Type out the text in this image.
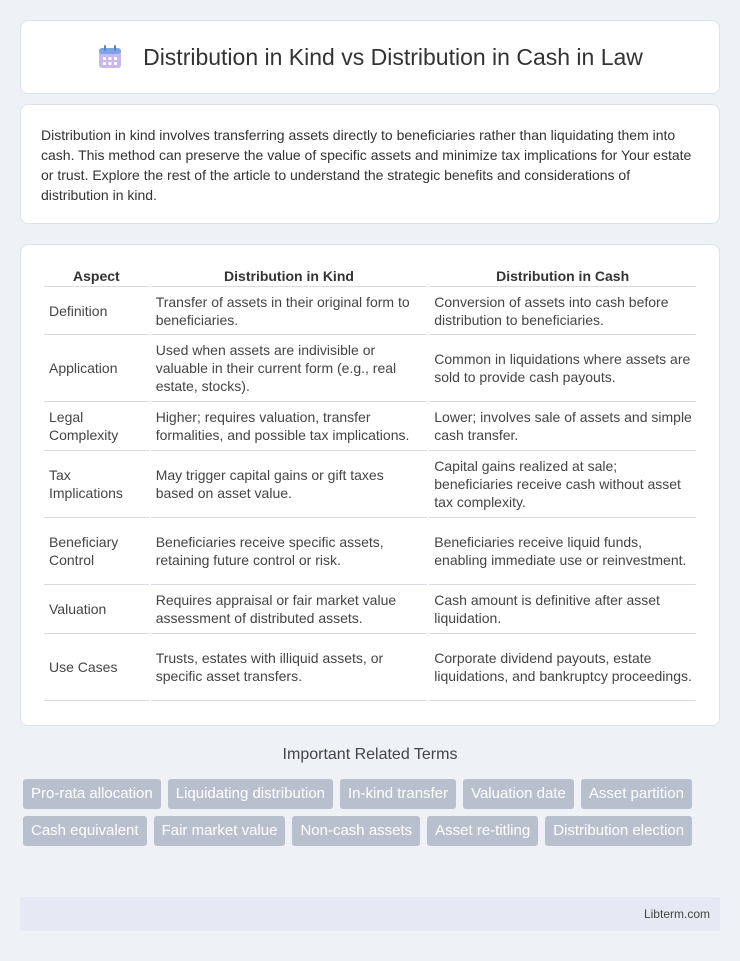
Distribution in Kind vs Distribution in Cash in Law

Distribution in kind involves transferring assets directly to beneficiaries rather than liquidating them into cash. This method can preserve the value of specific assets and minimize tax implications for Your estate or trust. Explore the rest of the article to understand the strategic benefits and considerations of distribution in kind.

Aspect	Distribution in Kind	Distribution in Cash
Definition	Transfer of assets in their original form to beneficiaries.	Conversion of assets into cash before distribution to beneficiaries.
Application	Used when assets are indivisible or valuable in their current form (e.g., real estate, stocks).	Common in liquidations where assets are sold to provide cash payouts.
Legal Complexity	Higher; requires valuation, transfer formalities, and possible tax implications.	Lower; involves sale of assets and simple cash transfer.
Tax Implications	May trigger capital gains or gift taxes based on asset value.	Capital gains realized at sale; beneficiaries receive cash without asset tax complexity.
Beneficiary Control	Beneficiaries receive specific assets, retaining future control or risk.	Beneficiaries receive liquid funds, enabling immediate use or reinvestment.
Valuation	Requires appraisal or fair market value assessment of distributed assets.	Cash amount is definitive after asset liquidation.
Use Cases	Trusts, estates with illiquid assets, or specific asset transfers.	Corporate dividend payouts, estate liquidations, and bankruptcy proceedings.
Important Related Terms
Pro-rata allocation	Liquidating distribution	In-kind transfer	Valuation date	Asset partition
Cash equivalent	Fair market value	Non-cash assets	Asset re-titling	Distribution election
Libterm.com
